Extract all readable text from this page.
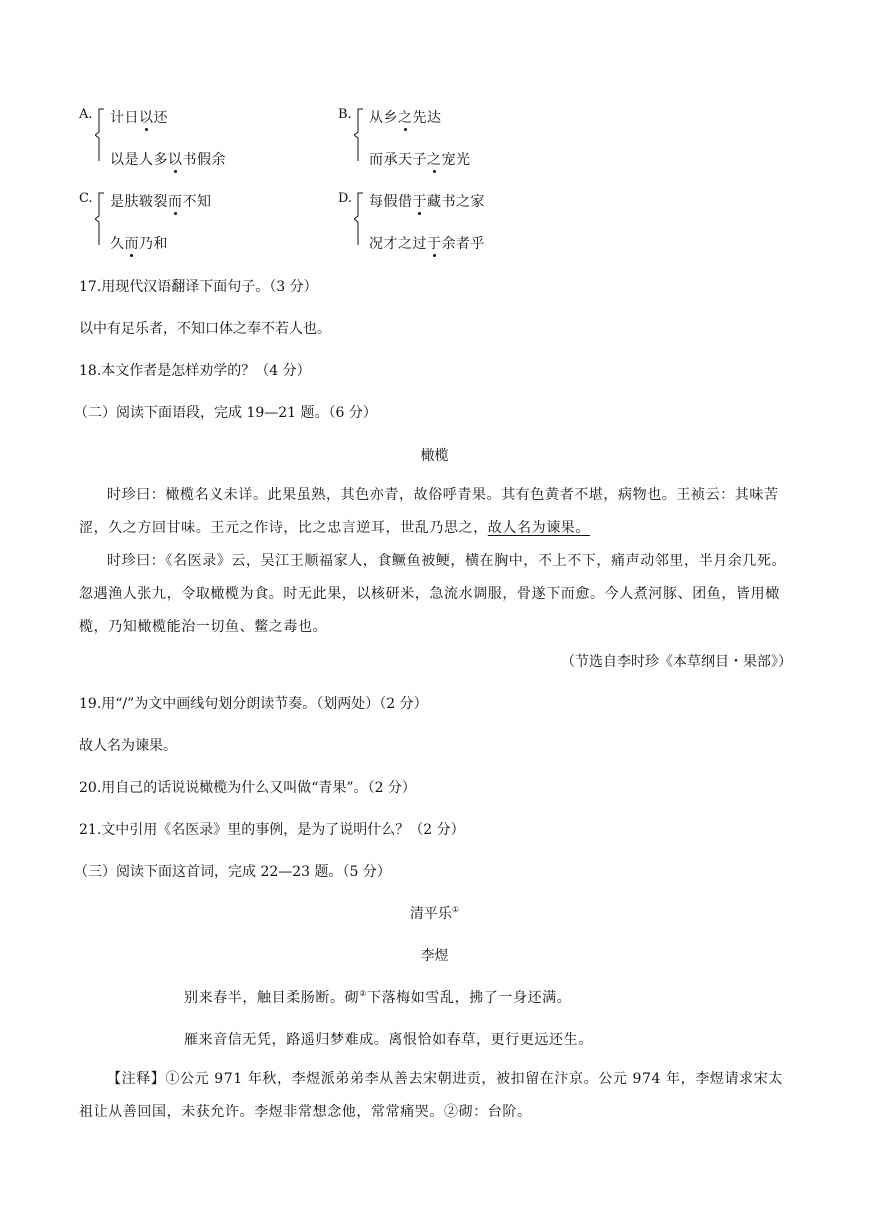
A. 计日以还
以是人多以书假余
B. 从乡之先达
而承天子之宠光
C. 是肤皲裂而不知
久而乃和
D. 每假借于藏书之家
况才之过于余者乎
17.用现代汉语翻译下面句子。（3 分）
以中有足乐者，不知口体之奉不若人也。
18.本文作者是怎样劝学的？（4 分）
（二）阅读下面语段，完成 19—21 题。（6 分）
橄榄
时珍曰：橄榄名义未详。此果虽熟，其色亦青，故俗呼青果。其有色黄者不堪，病物也。王祯云：其味苦涩，久之方回甘味。王元之作诗，比之忠言逆耳，世乱乃思之，故人名为谏果。
时珍曰：《名医录》云，吴江王顺福家人，食鳜鱼被鲠，横在胸中，不上不下，痛声动邻里，半月余几死。忽遇渔人张九，令取橄榄为食。时无此果，以核研米，急流水调服，骨遂下而愈。今人煮河豚、团鱼，皆用橄榄，乃知橄榄能治一切鱼、鳖之毒也。
（节选自李时珍《本草纲目・果部》）
19.用“/”为文中画线句划分朗读节奏。（划两处）（2 分）
故人名为谏果。
20.用自己的话说说橄榄为什么又叫做“青果”。（2 分）
21.文中引用《名医录》里的事例，是为了说明什么？（2 分）
（三）阅读下面这首词，完成 22—23 题。（5 分）
清平乐①
李煜
别来春半，触目柔肠断。砌②下落梅如雪乱，拂了一身还满。
雁来音信无凭，路遥归梦难成。离恨恰如春草，更行更远还生。
【注释】①公元 971 年秋，李煜派弟弟李从善去宋朝进贡，被扣留在汴京。公元 974 年，李煜请求宋太祖让从善回国，未获允许。李煜非常想念他，常常痛哭。②砌：台阶。
